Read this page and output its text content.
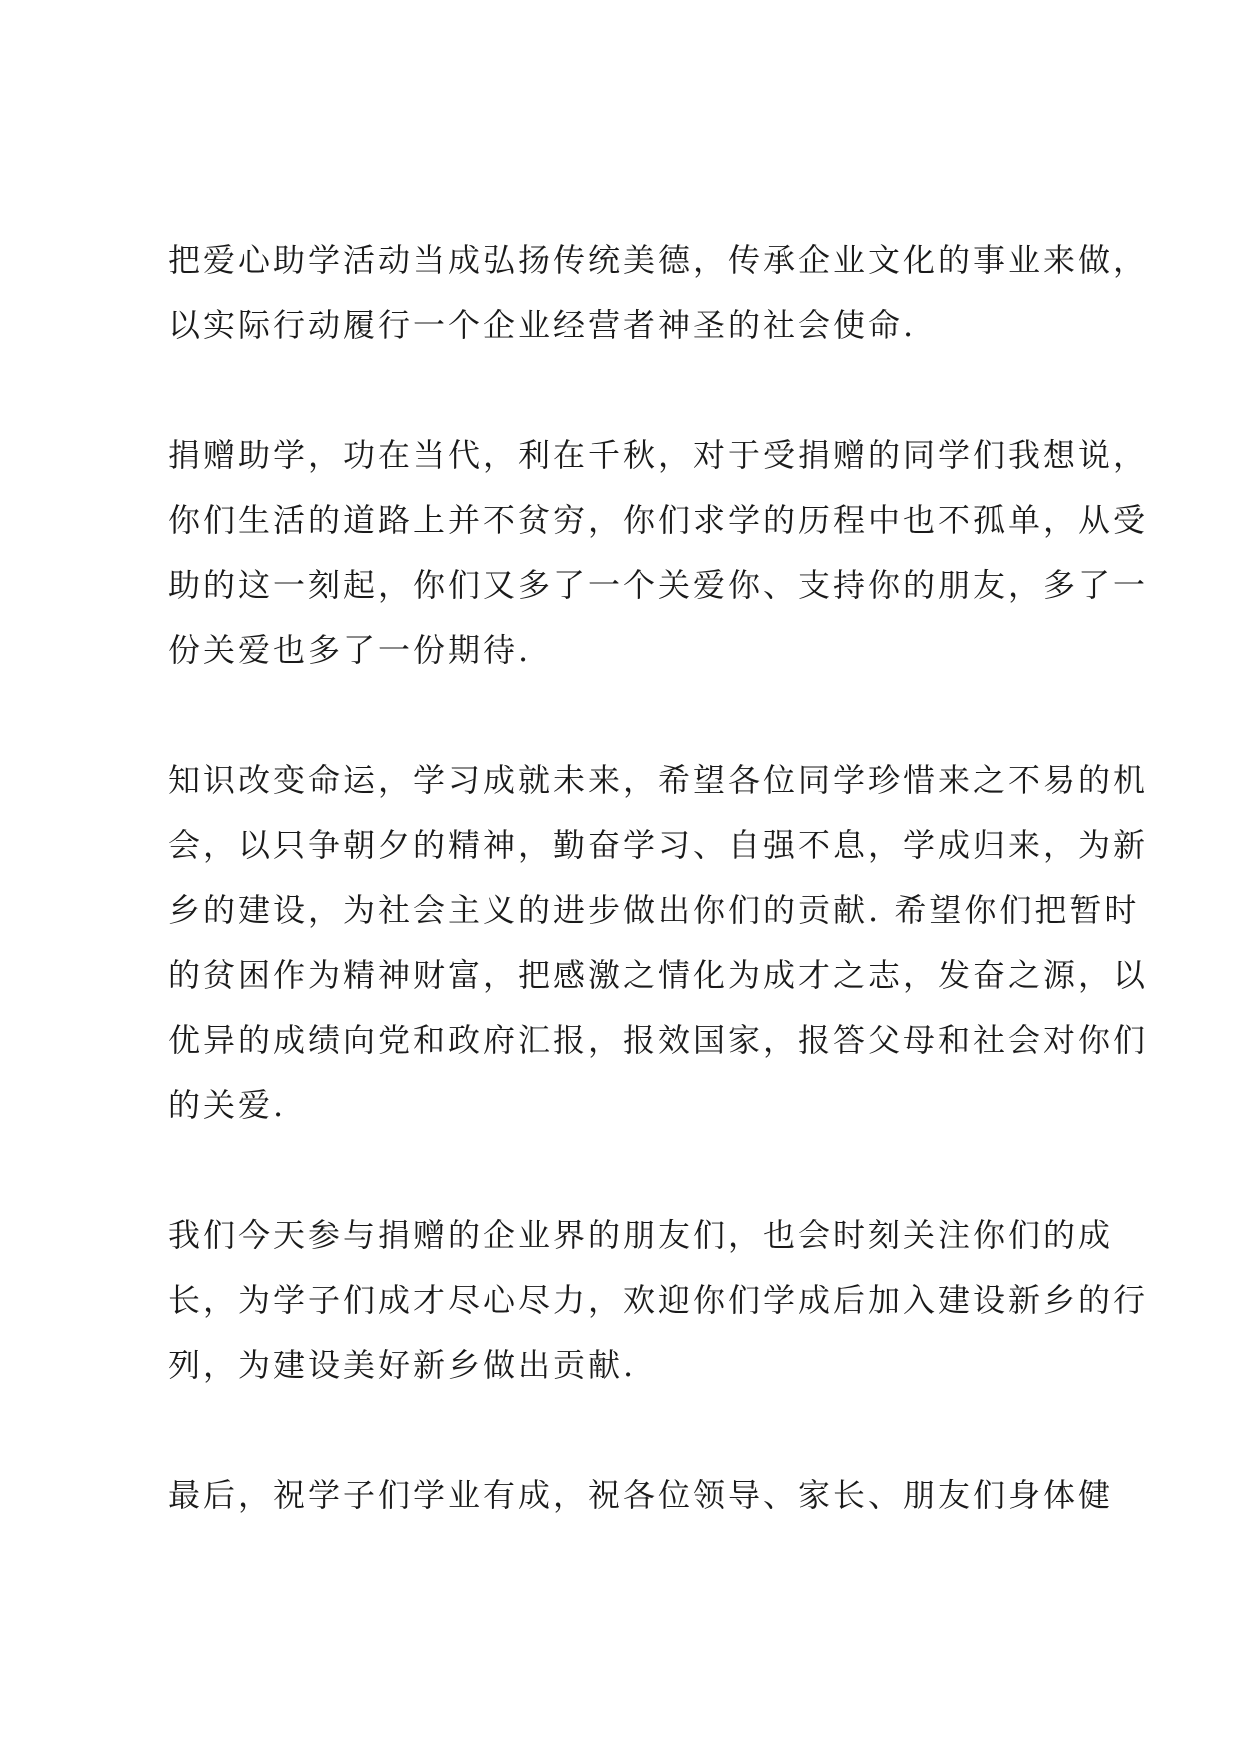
把爱心助学活动当成弘扬传统美德，传承企业文化的事业来做，
以实际行动履行一个企业经营者神圣的社会使命.

捐赠助学，功在当代，利在千秋，对于受捐赠的同学们我想说，
你们生活的道路上并不贫穷，你们求学的历程中也不孤单，从受
助的这一刻起，你们又多了一个关爱你、支持你的朋友，多了一
份关爱也多了一份期待.

知识改变命运，学习成就未来，希望各位同学珍惜来之不易的机
会，以只争朝夕的精神，勤奋学习、自强不息，学成归来，为新
乡的建设，为社会主义的进步做出你们的贡献. 希望你们把暂时
的贫困作为精神财富，把感激之情化为成才之志，发奋之源，以
优异的成绩向党和政府汇报，报效国家，报答父母和社会对你们
的关爱.

我们今天参与捐赠的企业界的朋友们，也会时刻关注你们的成
长，为学子们成才尽心尽力，欢迎你们学成后加入建设新乡的行
列，为建设美好新乡做出贡献.

最后，祝学子们学业有成，祝各位领导、家长、朋友们身体健
